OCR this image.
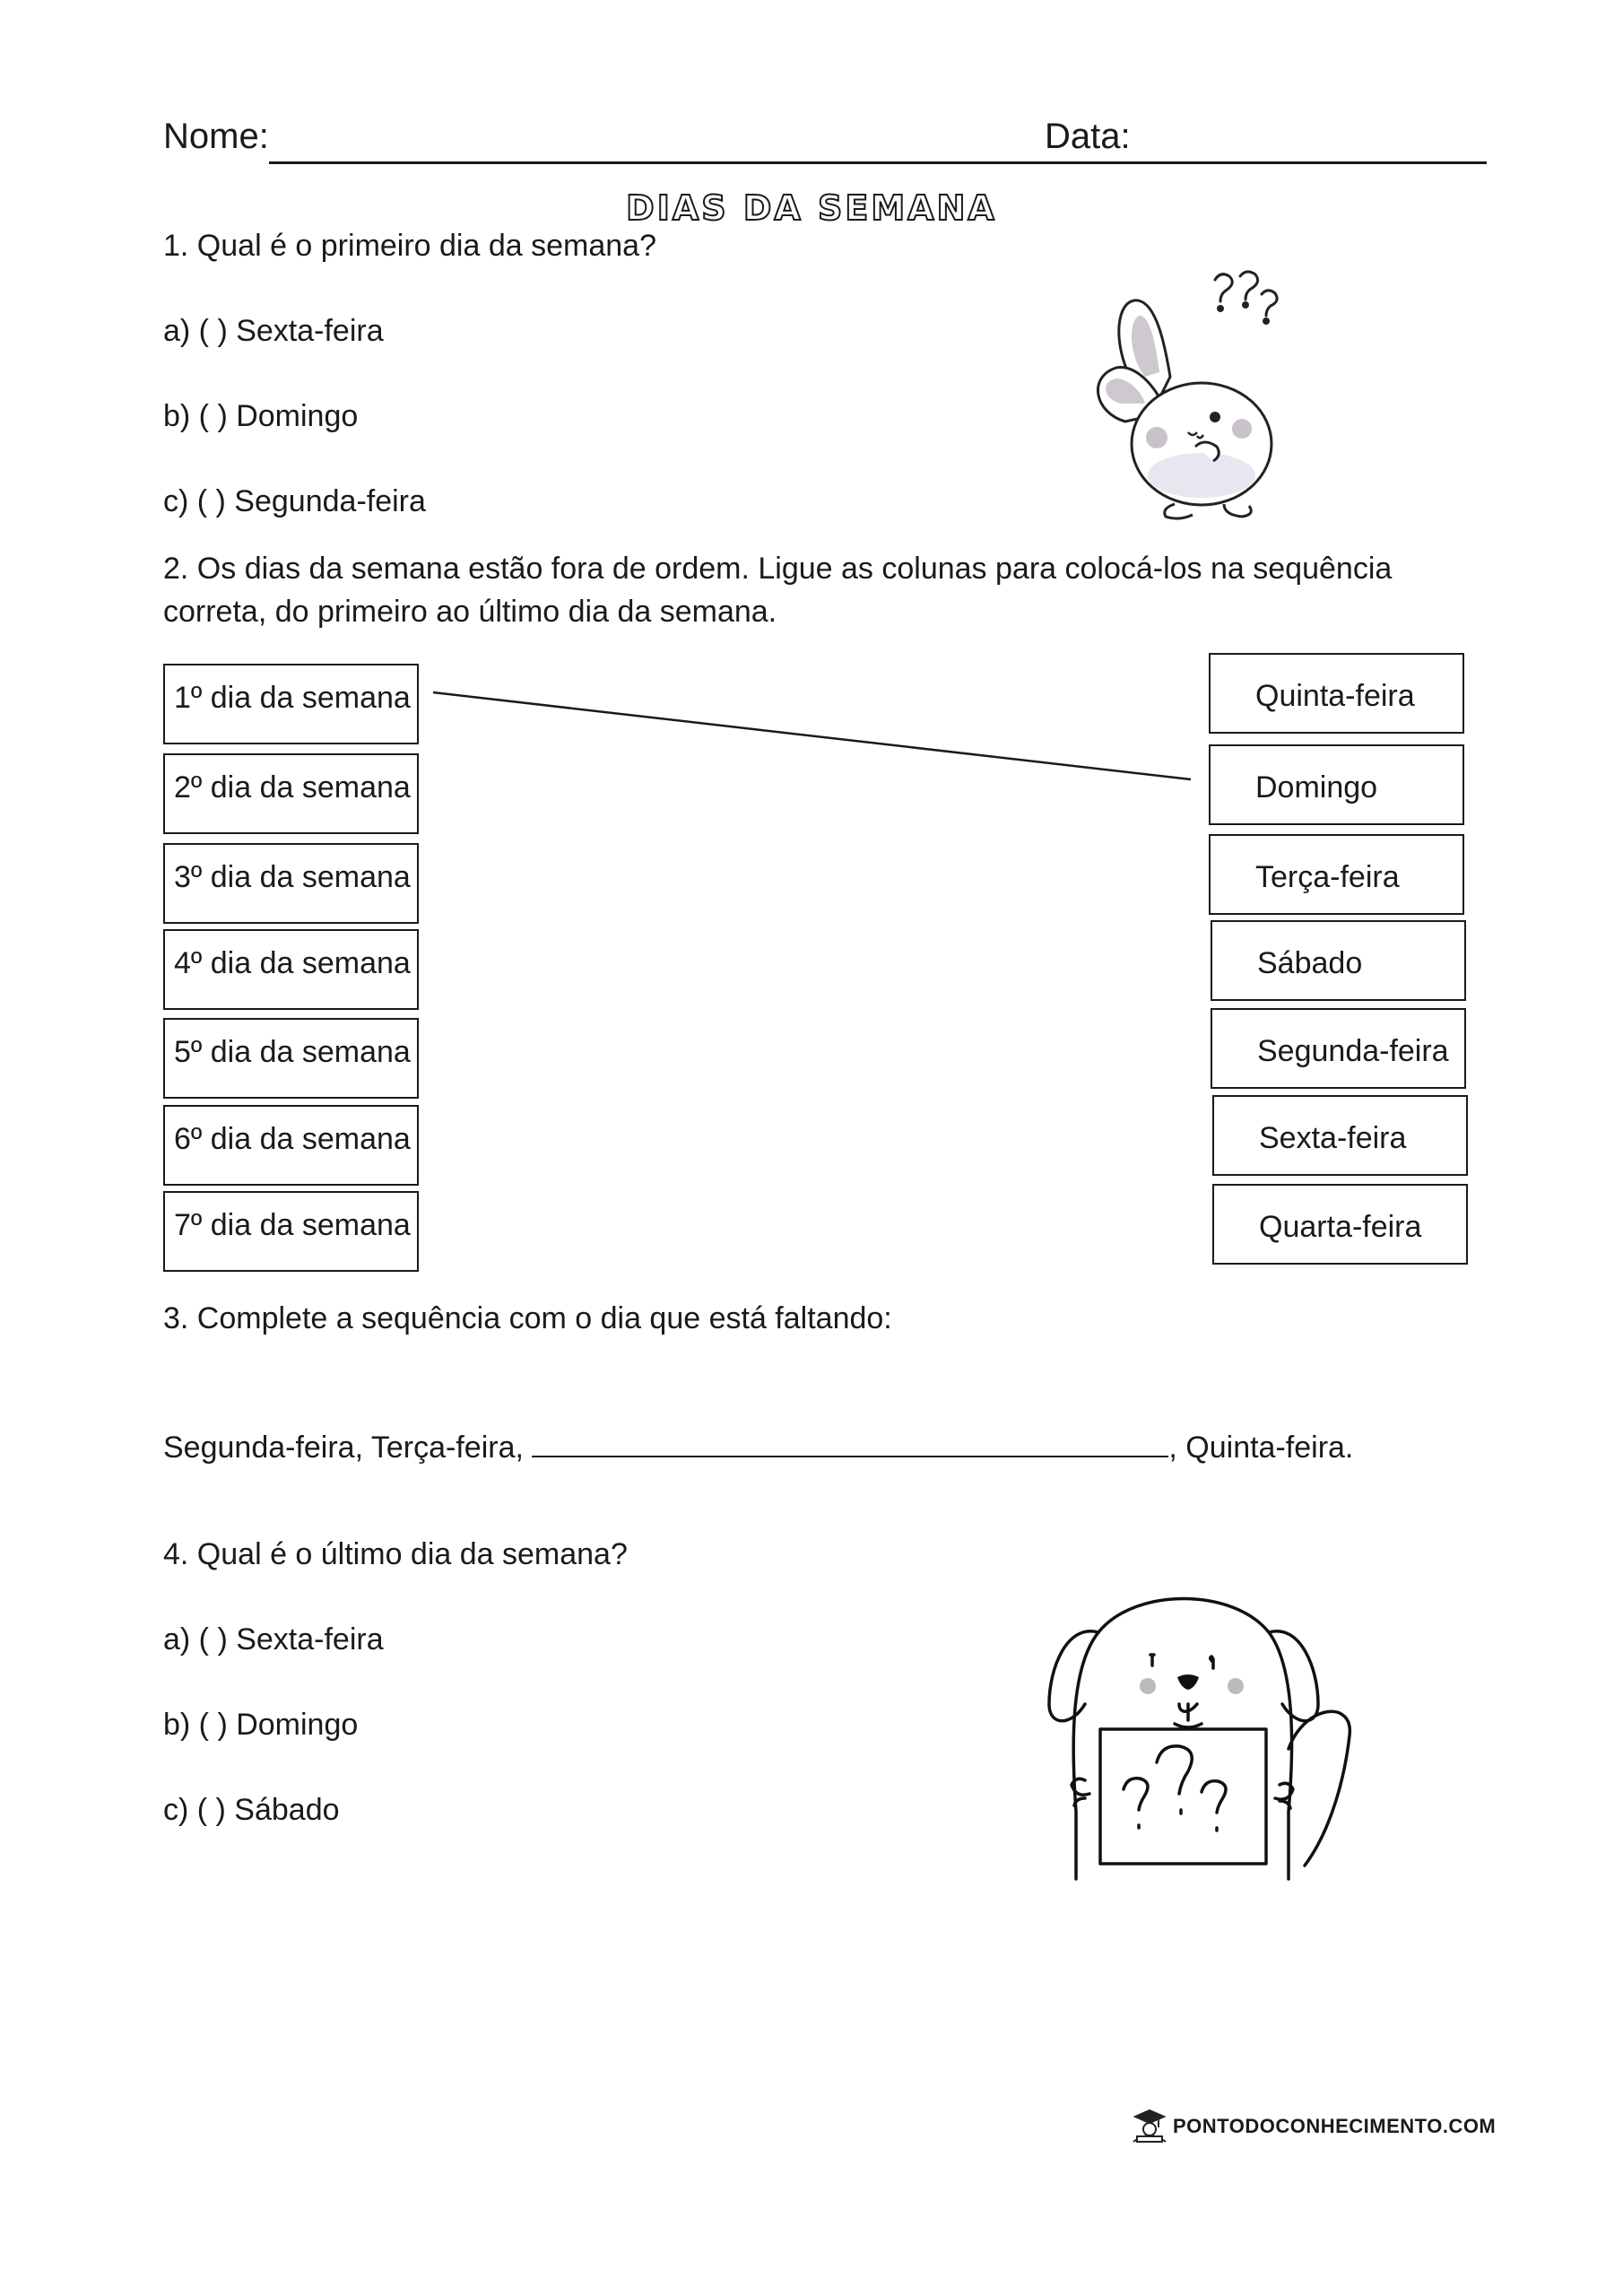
Nome:	Data:
DIAS DA SEMANA
1. Qual é o primeiro dia da semana?
a) ( ) Sexta-feira
b) ( ) Domingo
c) ( ) Segunda-feira
2. Os dias da semana estão fora de ordem. Ligue as colunas para colocá-los na sequência
correta, do primeiro ao último dia da semana.
1º dia da semana
2º dia da semana
3º dia da semana
4º dia da semana
5º dia da semana
6º dia da semana
7º dia da semana
Quinta-feira
Domingo
Terça-feira
Sábado
Segunda-feira
Sexta-feira
Quarta-feira
3. Complete a sequência com o dia que está faltando:
Segunda-feira, Terça-feira,	, Quinta-feira.
4. Qual é o último dia da semana?
a) ( ) Sexta-feira
b) ( ) Domingo
c) ( ) Sábado
PONTODOCONHECIMENTO.COM
